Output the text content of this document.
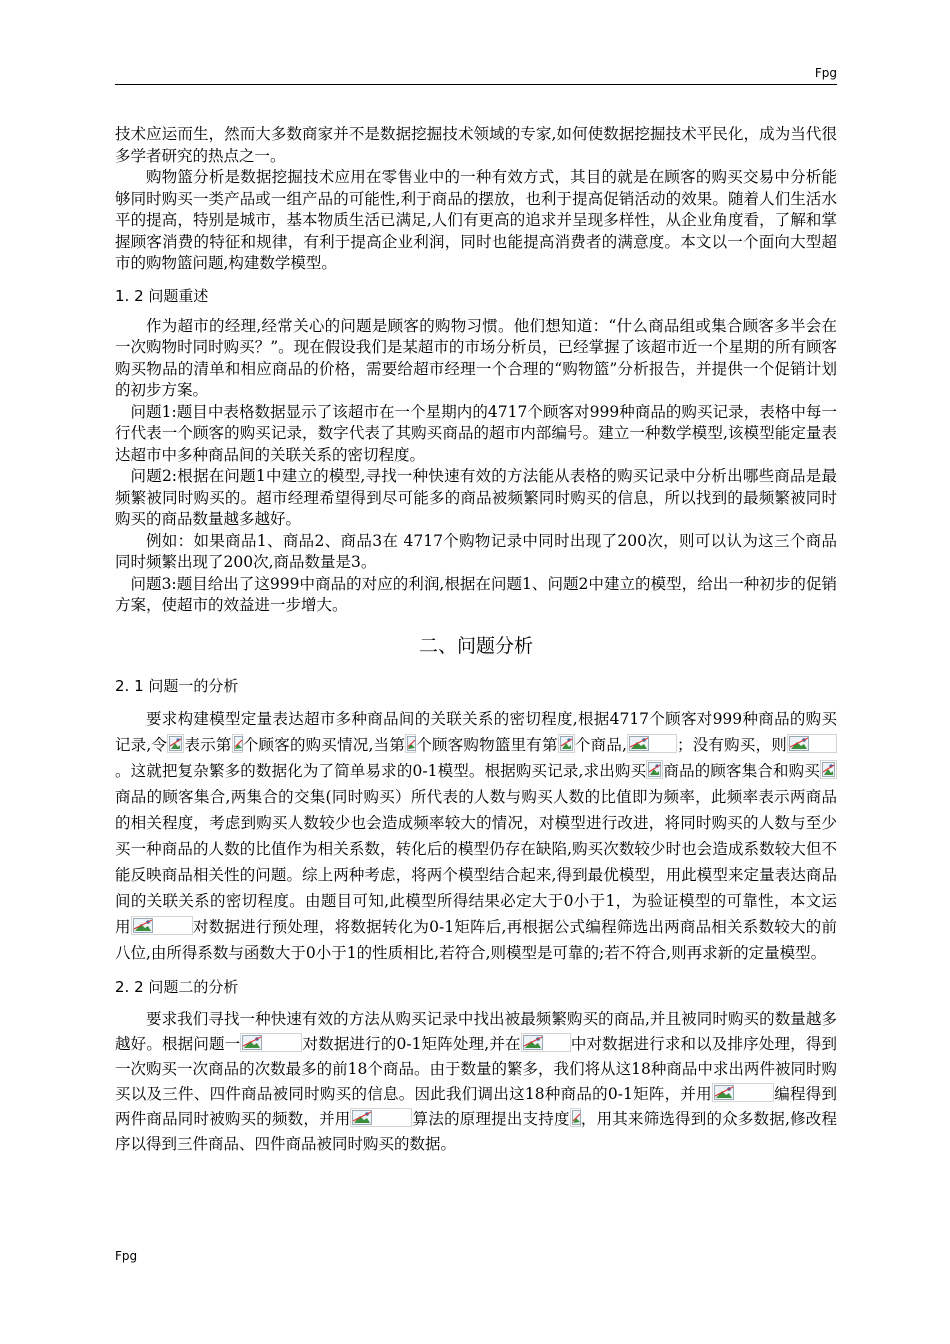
Fpg

技术应运而生，然而大多数商家并不是数据挖掘技术领域的专家,如何使数据挖掘技术平民化，成为当代很多学者研究的热点之一。

购物篮分析是数据挖掘技术应用在零售业中的一种有效方式，其目的就是在顾客的购买交易中分析能够同时购买一类产品或一组产品的可能性,利于商品的摆放，也利于提高促销活动的效果。随着人们生活水平的提高，特别是城市，基本物质生活已满足,人们有更高的追求并呈现多样性，从企业角度看，了解和掌握顾客消费的特征和规律，有利于提高企业利润，同时也能提高消费者的满意度。本文以一个面向大型超市的购物篮问题,构建数学模型。

1. 2 问题重述

作为超市的经理,经常关心的问题是顾客的购物习惯。他们想知道：“什么商品组或集合顾客多半会在一次购物时同时购买？”。现在假设我们是某超市的市场分析员，已经掌握了该超市近一个星期的所有顾客购买物品的清单和相应商品的价格，需要给超市经理一个合理的“购物篮”分析报告，并提供一个促销计划的初步方案。

问题1:题目中表格数据显示了该超市在一个星期内的4717个顾客对999种商品的购买记录，表格中每一行代表一个顾客的购买记录，数字代表了其购买商品的超市内部编号。建立一种数学模型,该模型能定量表达超市中多种商品间的关联关系的密切程度。

问题2:根据在问题1中建立的模型,寻找一种快速有效的方法能从表格的购买记录中分析出哪些商品是最频繁被同时购买的。超市经理希望得到尽可能多的商品被频繁同时购买的信息，所以找到的最频繁被同时购买的商品数量越多越好。

例如：如果商品1、商品2、商品3在 4717个购物记录中同时出现了200次，则可以认为这三个商品同时频繁出现了200次,商品数量是3。

问题3:题目给出了这999中商品的对应的利润,根据在问题1、问题2中建立的模型，给出一种初步的促销方案，使超市的效益进一步增大。

二、问题分析
2. 1 问题一的分析

要求构建模型定量表达超市多种商品间的关联关系的密切程度,根据4717个顾客对999种商品的购买记录,令 表示第 个顾客的购买情况,当第 个顾客购物篮里有第 个商品,	；没有购买，则
。这就把复杂繁多的数据化为了简单易求的0-1模型。根据购买记录,求出购买 商品的顾客集合和购买
商品的顾客集合,两集合的交集(同时购买）所代表的人数与购买人数的比值即为频率，此频率表示两商品的相关程度，考虑到购买人数较少也会造成频率较大的情况，对模型进行改进，将同时购买的人数与至少买一种商品的人数的比值作为相关系数，转化后的模型仍存在缺陷,购买次数较少时也会造成系数较大但不能反映商品相关性的问题。综上两种考虑，将两个模型结合起来,得到最优模型，用此模型来定量表达商品间的关联关系的密切程度。由题目可知,此模型所得结果必定大于0小于1，为验证模型的可靠性，本文运用	对数据进行预处理，将数据转化为0-1矩阵后,再根据公式编程筛选出两商品相关系数较大的前八位,由所得系数与函数大于0小于1的性质相比,若符合,则模型是可靠的;若不符合,则再求新的定量模型。

2. 2 问题二的分析

要求我们寻找一种快速有效的方法从购买记录中找出被最频繁购买的商品,并且被同时购买的数量越多越好。根据问题一	对数据进行的0-1矩阵处理,并在	中对数据进行求和以及排序处理，得到一次购买一次商品的次数最多的前18个商品。由于数量的繁多，我们将从这18种商品中求出两件被同时购买以及三件、四件商品被同时购买的信息。因此我们调出这18种商品的0-1矩阵，并用	编程得到两件商品同时被购买的频数，并用	算法的原理提出支持度 ，用其来筛选得到的众多数据,修改程序以得到三件商品、四件商品被同时购买的数据。

Fpg
